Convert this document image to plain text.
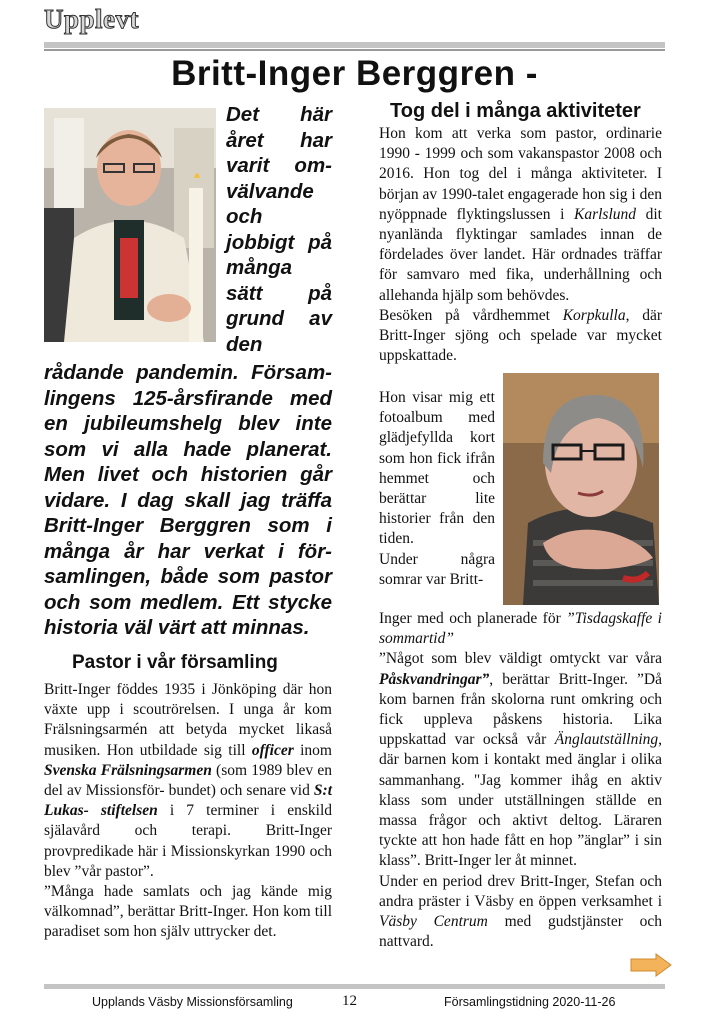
Upplevt
Britt-Inger Berggren -
Det här året har varit om- välvande och jobbigt på många sätt på grund av den
rådande pandemin. Försam- lingens 125-årsfirande med en jubileumshelg blev inte som vi alla hade planerat. Men livet och historien går vidare. I dag skall jag träffa Britt-Inger Berggren som i många år har verkat i för- samlingen, både som pastor och som medlem. Ett stycke historia väl värt att minnas.
Pastor i vår församling

Britt-Inger föddes 1935 i Jönköping där hon växte upp i scoutrörelsen. I unga år kom Frälsningsarmén att betyda mycket likaså musiken. Hon utbildade sig till officer inom Svenska Frälsningsarmen (som 1989 blev en del av Missionsför- bundet) och senare vid S:t Lukas- stiftelsen i 7 terminer i enskild själavård och terapi. Britt-Inger provpredikade här i Missionskyrkan 1990 och blev ”vår pastor”.

”Många hade samlats och jag kände mig välkomnad”, berättar Britt-Inger. Hon kom till paradiset som hon själv uttrycker det.

Tog del i många aktiviteter

Hon kom att verka som pastor, ordinarie 1990 - 1999 och som vakanspastor 2008 och 2016. Hon tog del i många aktiviteter. I början av 1990-talet engagerade hon sig i den nyöppnade flyktingslussen i Karlslund dit nyanlända flyktingar samlades innan de fördelades över landet. Här ordnades träffar för samvaro med fika, underhållning och allehanda hjälp som behövdes.

Besöken på vårdhemmet Korpkulla, där Britt-Inger sjöng och spelade var mycket uppskattade.

Hon visar mig ett fotoalbum med glädjefyllda kort som hon fick ifrån hemmet och berättar lite historier från den tiden.

Under några somrar var Britt-

Inger med och planerade för ”Tisdagskaffe i sommartid”

”Något som blev väldigt omtyckt var våra Påskvandringar”, berättar Britt-Inger. ”Då kom barnen från skolorna runt omkring och fick uppleva påskens historia. Lika uppskattad var också vår Änglautställning, där barnen kom i kontakt med änglar i olika sammanhang. "Jag kommer ihåg en aktiv klass som under utställningen ställde en massa frågor och aktivt deltog. Läraren tyckte att hon hade fått en hop ”änglar” i sin klass”. Britt-Inger ler åt minnet.

Under en period drev Britt-Inger, Stefan och andra präster i Väsby en öppen verksamhet i Väsby Centrum med gudstjänster och nattvard.

Upplands Väsby Missionsförsamling	12	Församlingstidning 2020-11-26
